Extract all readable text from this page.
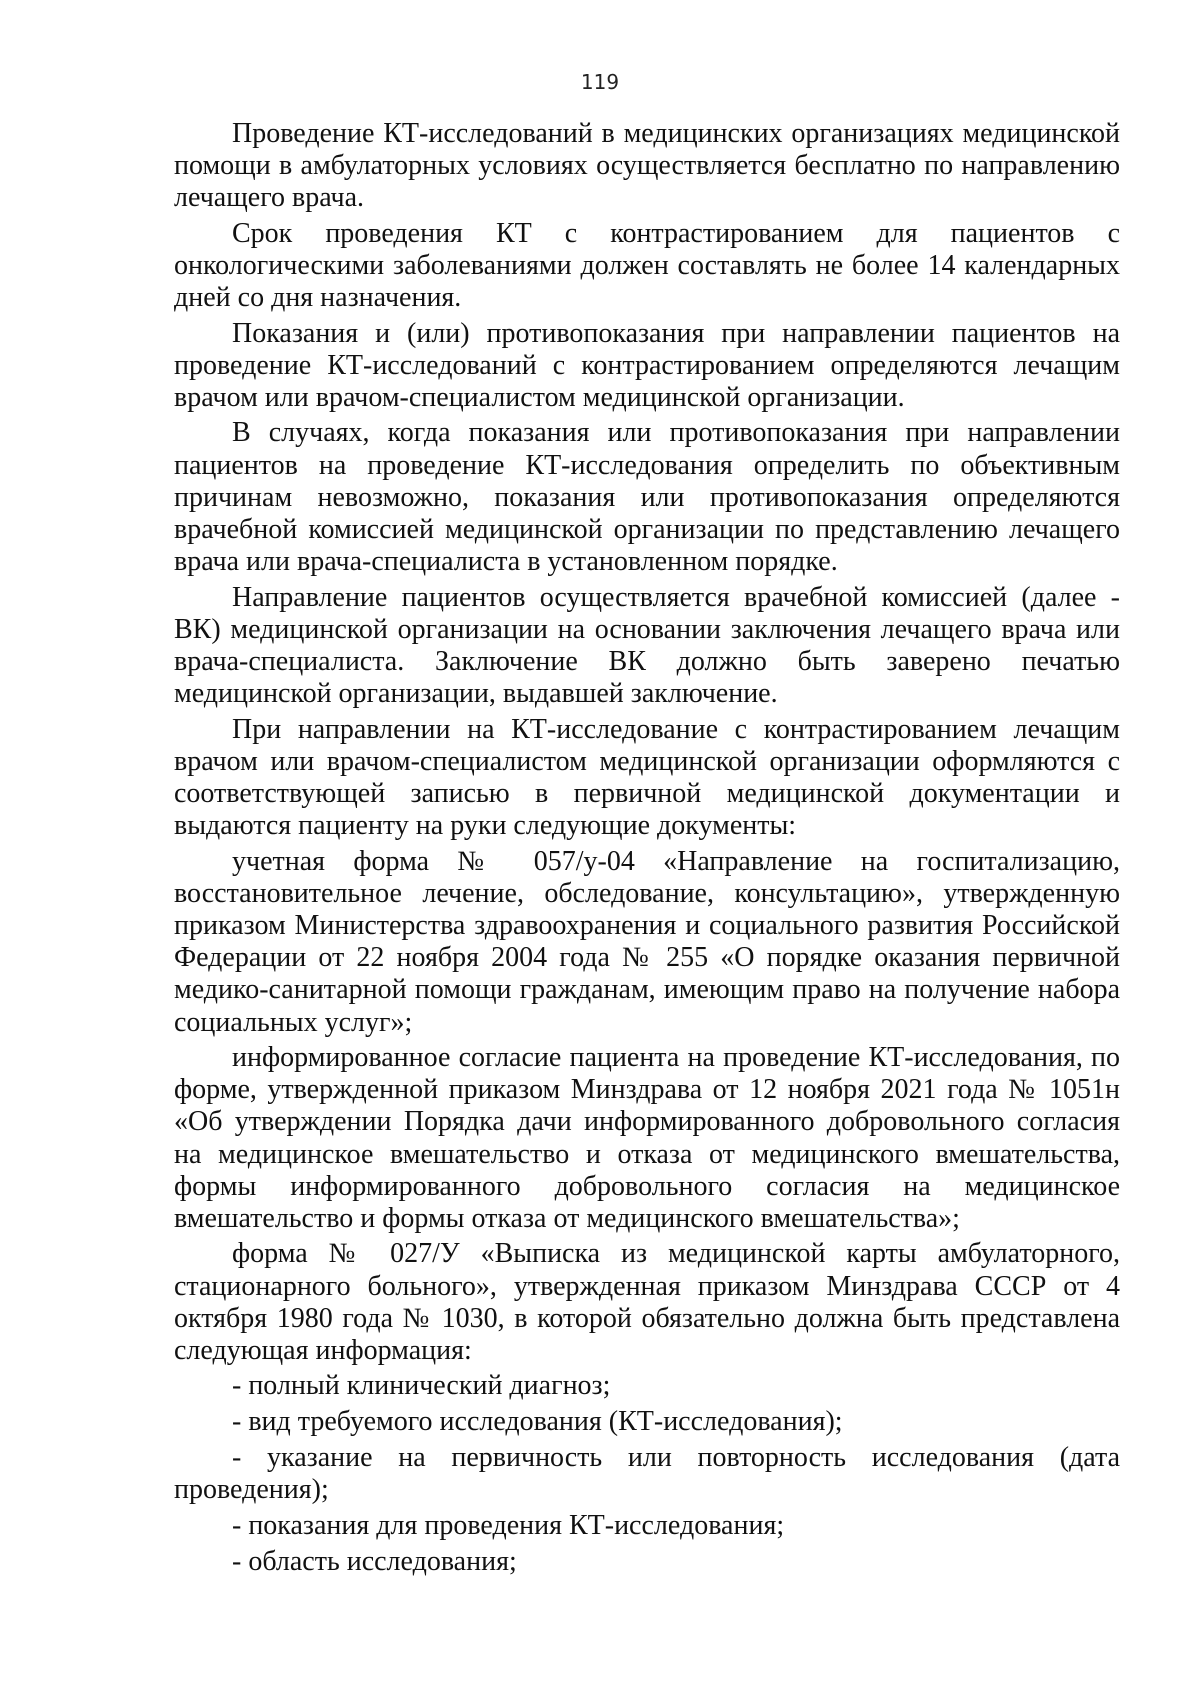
119

Проведение КТ-исследований в медицинских организациях медицинской помощи в амбулаторных условиях осуществляется бесплатно по направлению лечащего врача.

Срок проведения КТ с контрастированием для пациентов с онкологическими заболеваниями должен составлять не более 14 календарных дней со дня назначения.

Показания и (или) противопоказания при направлении пациентов на проведение КТ-исследований с контрастированием определяются лечащим врачом или врачом-специалистом медицинской организации.

В случаях, когда показания или противопоказания при направлении пациентов на проведение КТ-исследования определить по объективным причинам невозможно, показания или противопоказания определяются врачебной комиссией медицинской организации по представлению лечащего врача или врача-специалиста в установленном порядке.

Направление пациентов осуществляется врачебной комиссией (далее - ВК) медицинской организации на основании заключения лечащего врача или врача-специалиста. Заключение ВК должно быть заверено печатью медицинской организации, выдавшей заключение.

При направлении на КТ-исследование с контрастированием лечащим врачом или врачом-специалистом медицинской организации оформляются с соответствующей записью в первичной медицинской документации и выдаются пациенту на руки следующие документы:

учетная форма № 057/у-04 «Направление на госпитализацию, восстановительное лечение, обследование, консультацию», утвержденную приказом Министерства здравоохранения и социального развития Российской Федерации от 22 ноября 2004 года № 255 «О порядке оказания первичной медико-санитарной помощи гражданам, имеющим право на получение набора социальных услуг»;

информированное согласие пациента на проведение КТ-исследования, по форме, утвержденной приказом Минздрава от 12 ноября 2021 года № 1051н «Об утверждении Порядка дачи информированного добровольного согласия на медицинское вмешательство и отказа от медицинского вмешательства, формы информированного добровольного согласия на медицинское вмешательство и формы отказа от медицинского вмешательства»;

форма № 027/У «Выписка из медицинской карты амбулаторного, стационарного больного», утвержденная приказом Минздрава СССР от 4 октября 1980 года № 1030, в которой обязательно должна быть представлена следующая информация:

- полный клинический диагноз;

- вид требуемого исследования (КТ-исследования);

- указание на первичность или повторность исследования (дата проведения);

- показания для проведения КТ-исследования;

- область исследования;
